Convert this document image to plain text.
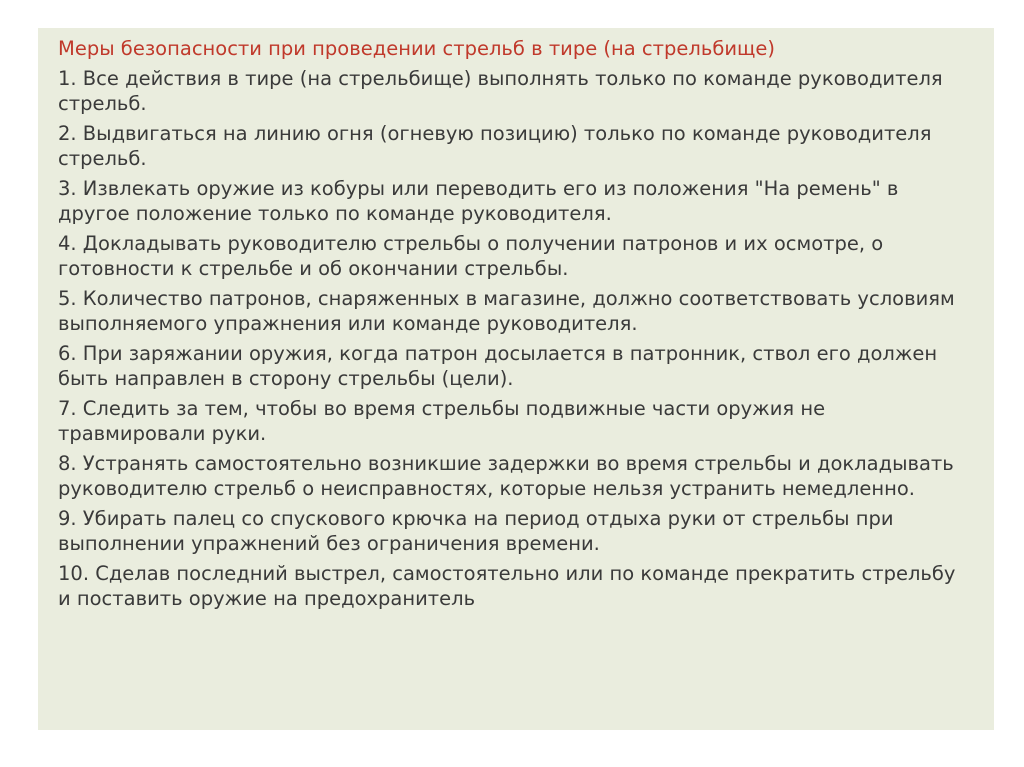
Меры безопасности при проведении стрельб в тире (на стрельбище)
1. Все действия в тире (на стрельбище) выполнять только по команде руководителя стрельб.
2. Выдвигаться на линию огня (огневую позицию) только по команде руководителя стрельб.
3. Извлекать оружие из кобуры или переводить его из положения "На ремень" в другое положение только по команде руководителя.
4. Докладывать руководителю стрельбы о получении патронов и их осмотре, о готовности к стрельбе и об окончании стрельбы.
5. Количество патронов, снаряженных в магазине, должно соответствовать условиям выполняемого упражнения или команде руководителя.
6. При заряжании оружия, когда патрон досылается в патронник, ствол его должен быть направлен в сторону стрельбы (цели).
7. Следить за тем, чтобы во время стрельбы подвижные части оружия не травмировали руки.
8. Устранять самостоятельно возникшие задержки во время стрельбы и докладывать руководителю стрельб о неисправностях, которые нельзя устранить немедленно.
9. Убирать палец со спускового крючка на период отдыха руки от стрельбы при выполнении упражнений без ограничения времени.
10. Сделав последний выстрел, самостоятельно или по команде прекратить стрельбу и поставить оружие на предохранитель
